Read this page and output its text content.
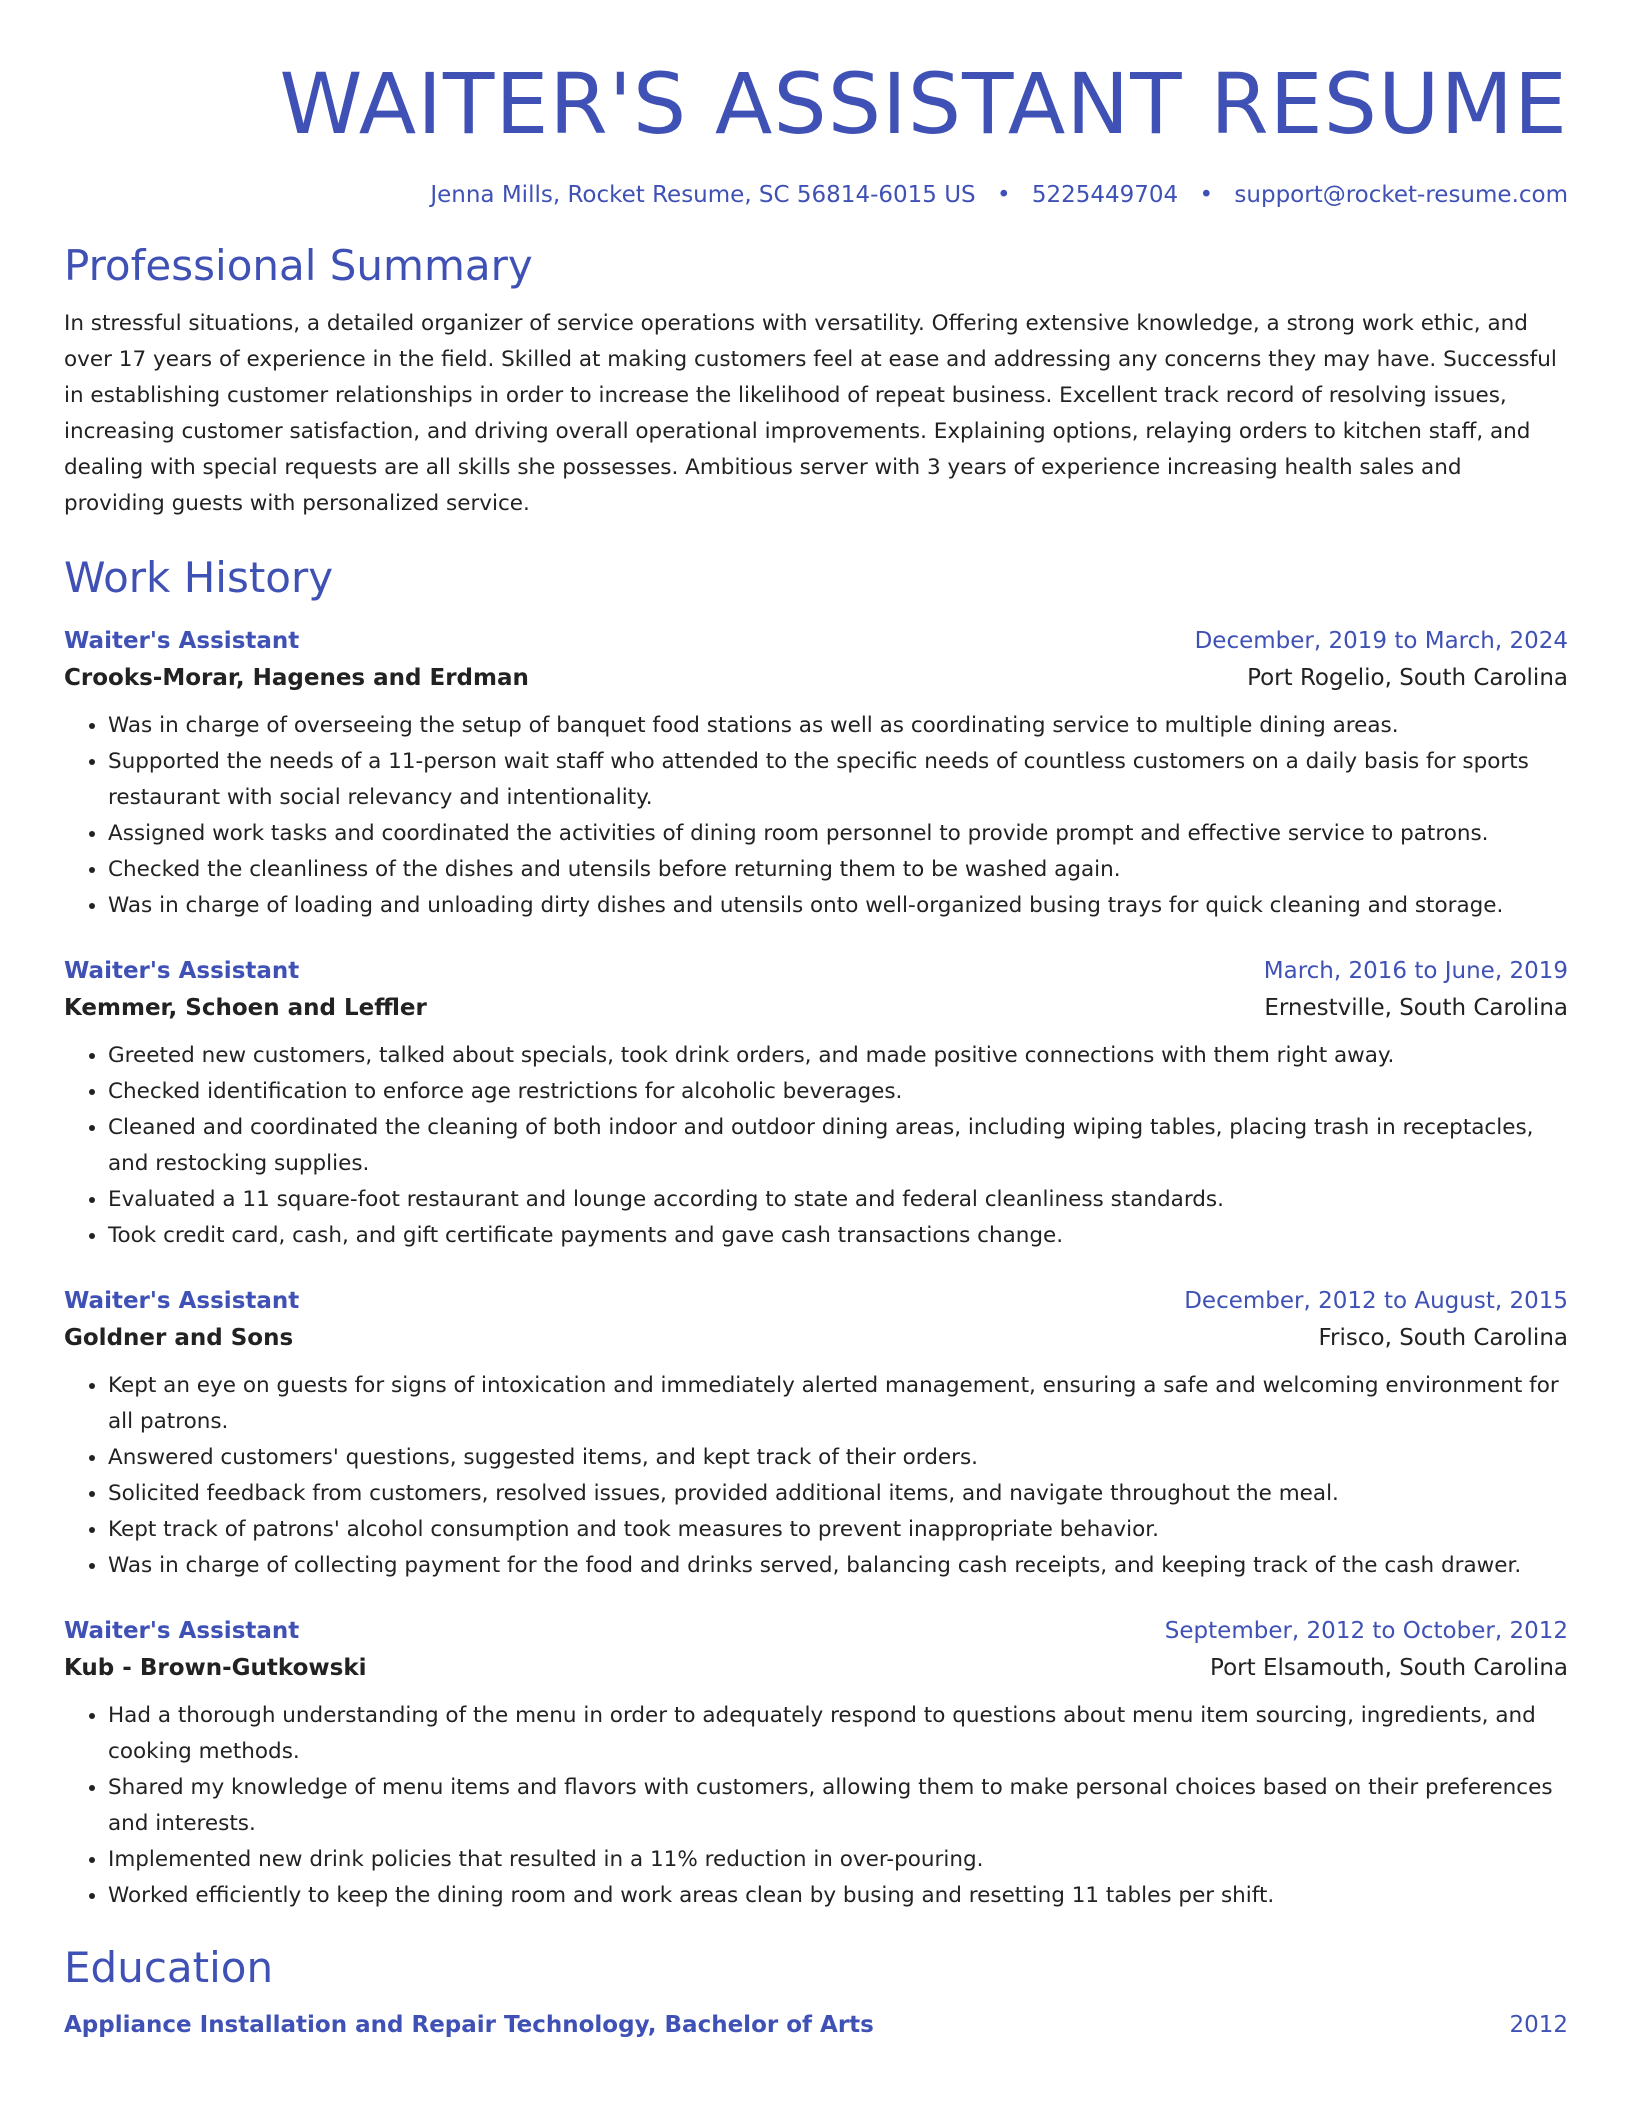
WAITER'S ASSISTANT RESUME
Jenna Mills, Rocket Resume, SC 56814-6015 US • 5225449704 • support@rocket-resume.com
Professional Summary

In stressful situations, a detailed organizer of service operations with versatility. Offering extensive knowledge, a strong work ethic, and over 17 years of experience in the field. Skilled at making customers feel at ease and addressing any concerns they may have. Successful in establishing customer relationships in order to increase the likelihood of repeat business. Excellent track record of resolving issues, increasing customer satisfaction, and driving overall operational improvements. Explaining options, relaying orders to kitchen staff, and dealing with special requests are all skills she possesses. Ambitious server with 3 years of experience increasing health sales and providing guests with personalized service.

Work History
Waiter's Assistant	December, 2019 to March, 2024
Crooks-Morar, Hagenes and Erdman	Port Rogelio, South Carolina
• Was in charge of overseeing the setup of banquet food stations as well as coordinating service to multiple dining areas.
• Supported the needs of a 11-person wait staff who attended to the specific needs of countless customers on a daily basis for sports restaurant with social relevancy and intentionality.
• Assigned work tasks and coordinated the activities of dining room personnel to provide prompt and effective service to patrons.
• Checked the cleanliness of the dishes and utensils before returning them to be washed again.
• Was in charge of loading and unloading dirty dishes and utensils onto well-organized busing trays for quick cleaning and storage.
Waiter's Assistant	March, 2016 to June, 2019
Kemmer, Schoen and Leffler	Ernestville, South Carolina
• Greeted new customers, talked about specials, took drink orders, and made positive connections with them right away.
• Checked identification to enforce age restrictions for alcoholic beverages.
• Cleaned and coordinated the cleaning of both indoor and outdoor dining areas, including wiping tables, placing trash in receptacles, and restocking supplies.
• Evaluated a 11 square-foot restaurant and lounge according to state and federal cleanliness standards.
• Took credit card, cash, and gift certificate payments and gave cash transactions change.
Waiter's Assistant	December, 2012 to August, 2015
Goldner and Sons	Frisco, South Carolina
• Kept an eye on guests for signs of intoxication and immediately alerted management, ensuring a safe and welcoming environment for all patrons.
• Answered customers' questions, suggested items, and kept track of their orders.
• Solicited feedback from customers, resolved issues, provided additional items, and navigate throughout the meal.
• Kept track of patrons' alcohol consumption and took measures to prevent inappropriate behavior.
• Was in charge of collecting payment for the food and drinks served, balancing cash receipts, and keeping track of the cash drawer.
Waiter's Assistant	September, 2012 to October, 2012
Kub - Brown-Gutkowski	Port Elsamouth, South Carolina
• Had a thorough understanding of the menu in order to adequately respond to questions about menu item sourcing, ingredients, and cooking methods.
• Shared my knowledge of menu items and flavors with customers, allowing them to make personal choices based on their preferences and interests.
• Implemented new drink policies that resulted in a 11% reduction in over-pouring.
• Worked efficiently to keep the dining room and work areas clean by busing and resetting 11 tables per shift.
Education
Appliance Installation and Repair Technology, Bachelor of Arts	2012
